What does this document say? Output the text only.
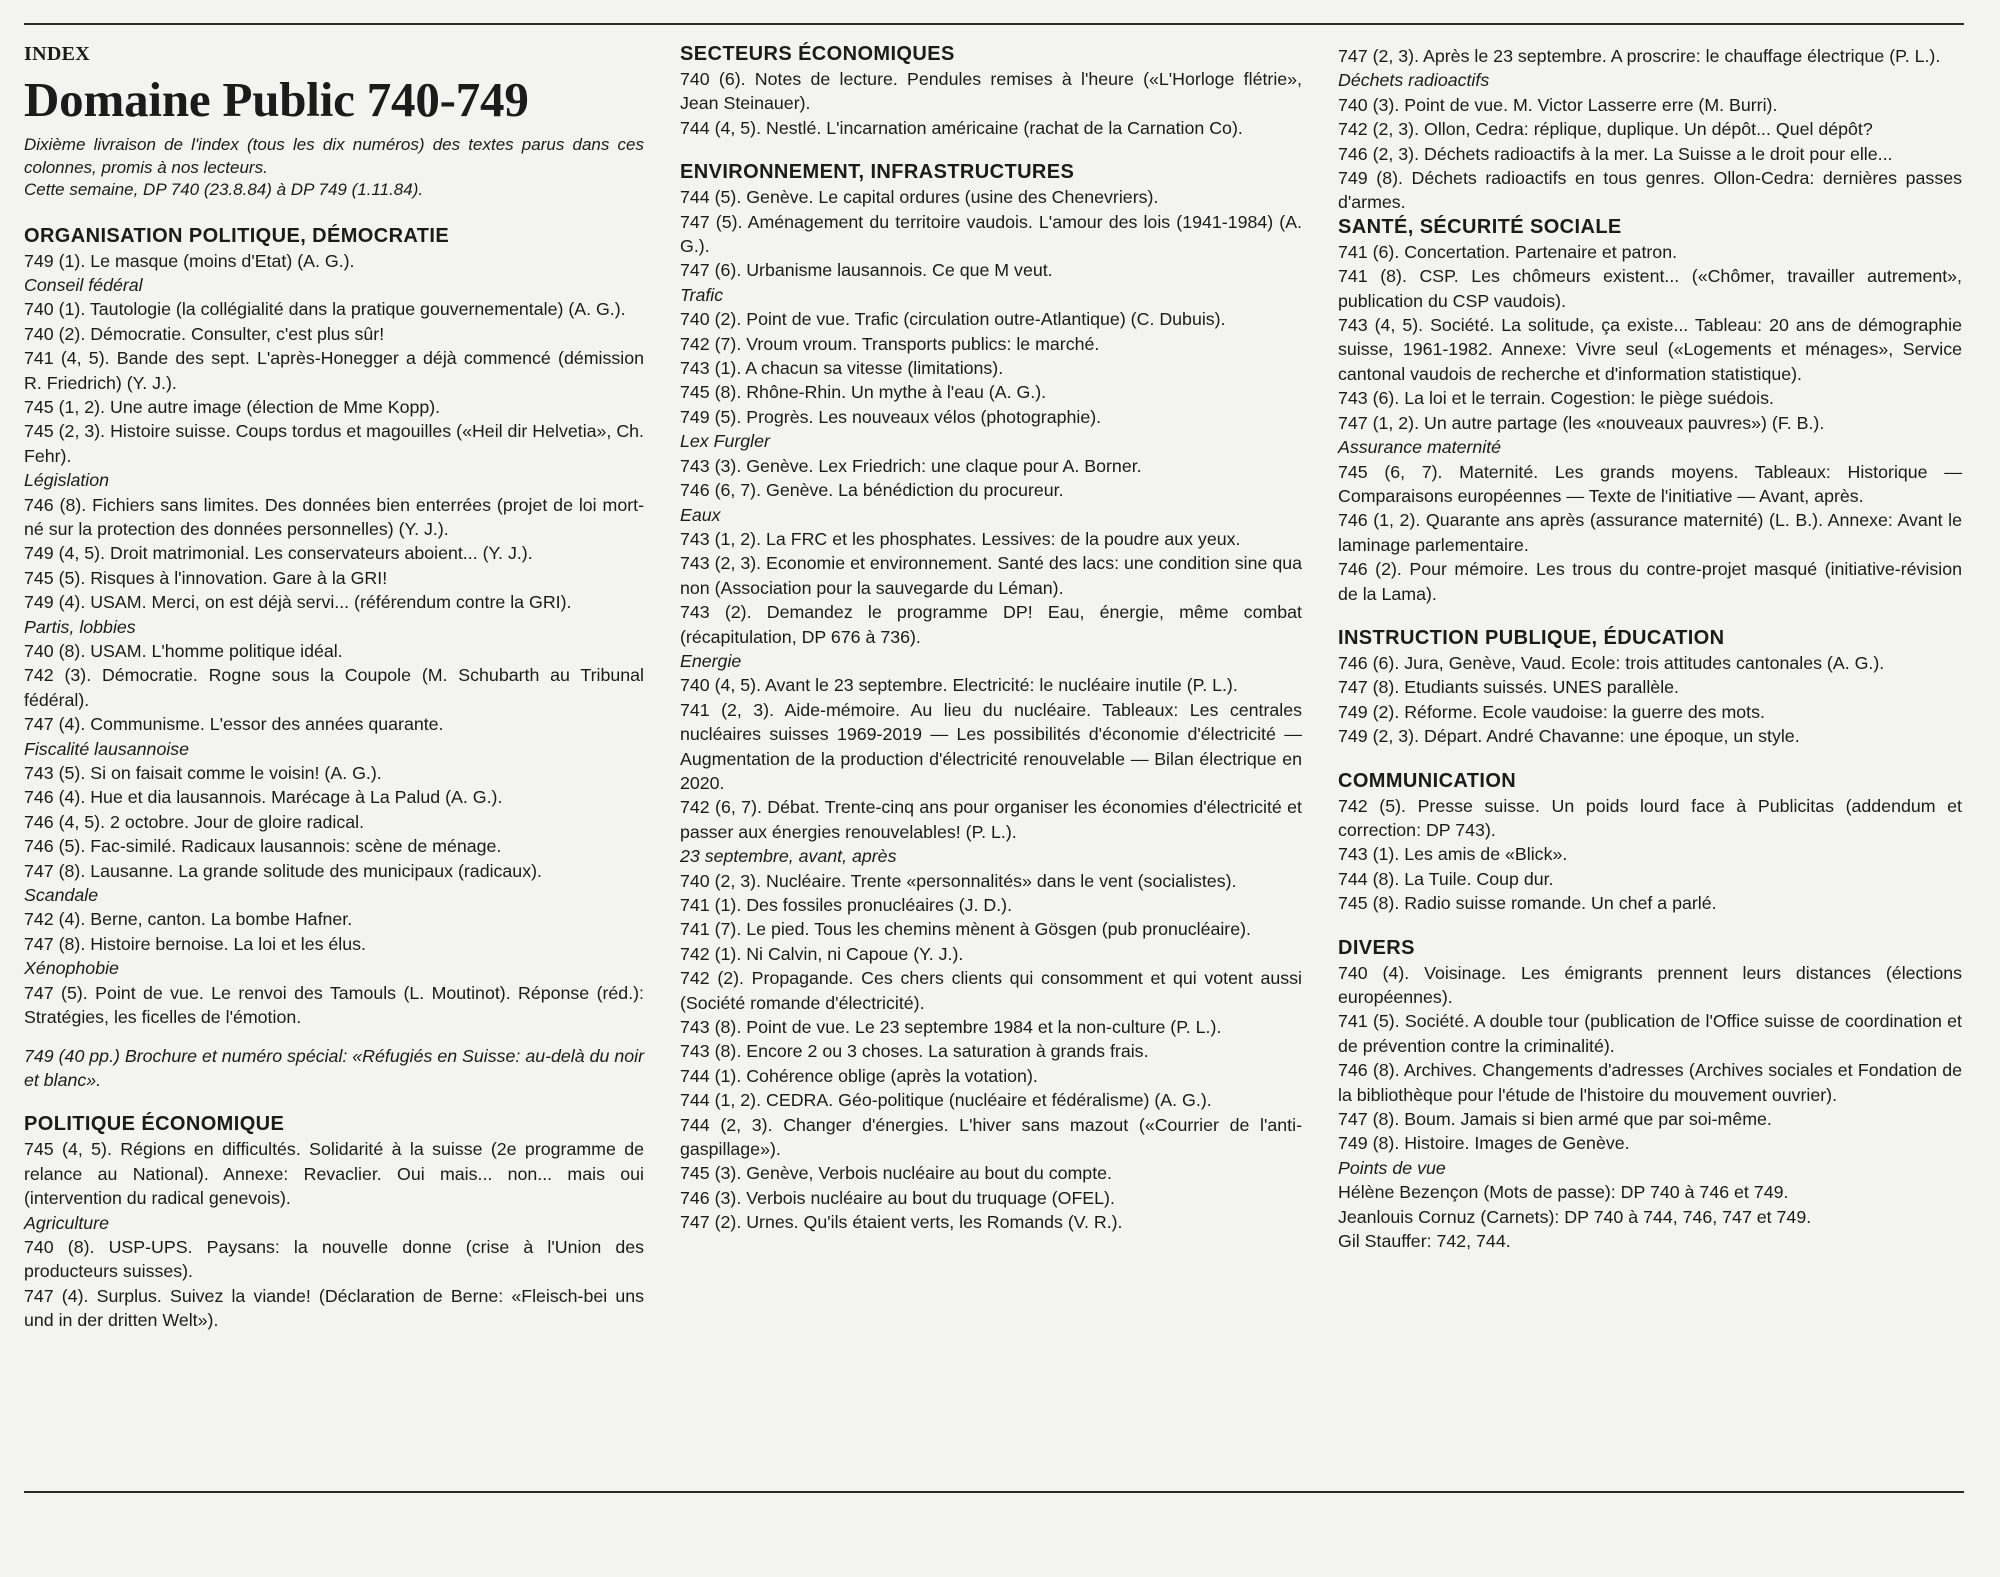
INDEX
Domaine Public 740-749
Dixième livraison de l'index (tous les dix numéros) des textes parus dans ces colonnes, promis à nos lecteurs.
Cette semaine, DP 740 (23.8.84) à DP 749 (1.11.84).
ORGANISATION POLITIQUE, DÉMOCRATIE
749 (1). Le masque (moins d'Etat) (A. G.).
Conseil fédéral
740 (1). Tautologie (la collégialité dans la pratique gouvernementale) (A. G.).
740 (2). Démocratie. Consulter, c'est plus sûr!
741 (4, 5). Bande des sept. L'après-Honegger a déjà commencé (démission R. Friedrich) (Y. J.).
745 (1, 2). Une autre image (élection de Mme Kopp).
745 (2, 3). Histoire suisse. Coups tordus et magouilles («Heil dir Helvetia», Ch. Fehr).
Législation
746 (8). Fichiers sans limites. Des données bien enterrées (projet de loi mort-né sur la protection des données personnelles) (Y. J.).
749 (4, 5). Droit matrimonial. Les conservateurs aboient... (Y. J.).
745 (5). Risques à l'innovation. Gare à la GRI!
749 (4). USAM. Merci, on est déjà servi... (référendum contre la GRI).
Partis, lobbies
740 (8). USAM. L'homme politique idéal.
742 (3). Démocratie. Rogne sous la Coupole (M. Schubarth au Tribunal fédéral).
747 (4). Communisme. L'essor des années quarante.
Fiscalité lausannoise
743 (5). Si on faisait comme le voisin! (A. G.).
746 (4). Hue et dia lausannois. Marécage à La Palud (A. G.).
746 (4, 5). 2 octobre. Jour de gloire radical.
746 (5). Fac-similé. Radicaux lausannois: scène de ménage.
747 (8). Lausanne. La grande solitude des municipaux (radicaux).
Scandale
742 (4). Berne, canton. La bombe Hafner.
747 (8). Histoire bernoise. La loi et les élus.
Xénophobie
747 (5). Point de vue. Le renvoi des Tamouls (L. Moutinot). Réponse (réd.): Stratégies, les ficelles de l'émotion.
749 (40 pp.) Brochure et numéro spécial: «Réfugiés en Suisse: au-delà du noir et blanc».
POLITIQUE ÉCONOMIQUE
745 (4, 5). Régions en difficultés. Solidarité à la suisse (2e programme de relance au National). Annexe: Revaclier. Oui mais... non... mais oui (intervention du radical genevois).
Agriculture
740 (8). USP-UPS. Paysans: la nouvelle donne (crise à l'Union des producteurs suisses).
747 (4). Surplus. Suivez la viande! (Déclaration de Berne: «Fleisch-bei uns und in der dritten Welt»).
SECTEURS ÉCONOMIQUES
740 (6). Notes de lecture. Pendules remises à l'heure («L'Horloge flétrie», Jean Steinauer).
744 (4, 5). Nestlé. L'incarnation américaine (rachat de la Carnation Co).
ENVIRONNEMENT, INFRASTRUCTURES
744 (5). Genève. Le capital ordures (usine des Chenevriers).
747 (5). Aménagement du territoire vaudois. L'amour des lois (1941-1984) (A. G.).
747 (6). Urbanisme lausannois. Ce que M veut.
Trafic
740 (2). Point de vue. Trafic (circulation outre-Atlantique) (C. Dubuis).
742 (7). Vroum vroum. Transports publics: le marché.
743 (1). A chacun sa vitesse (limitations).
745 (8). Rhône-Rhin. Un mythe à l'eau (A. G.).
749 (5). Progrès. Les nouveaux vélos (photographie).
Lex Furgler
743 (3). Genève. Lex Friedrich: une claque pour A. Borner.
746 (6, 7). Genève. La bénédiction du procureur.
Eaux
743 (1, 2). La FRC et les phosphates. Lessives: de la poudre aux yeux.
743 (2, 3). Economie et environnement. Santé des lacs: une condition sine qua non (Association pour la sauvegarde du Léman).
743 (2). Demandez le programme DP! Eau, énergie, même combat (récapitulation, DP 676 à 736).
Energie
740 (4, 5). Avant le 23 septembre. Electricité: le nucléaire inutile (P. L.).
741 (2, 3). Aide-mémoire. Au lieu du nucléaire. Tableaux: Les centrales nucléaires suisses 1969-2019 — Les possibilités d'économie d'électricité — Augmentation de la production d'électricité renouvelable — Bilan électrique en 2020.
742 (6, 7). Débat. Trente-cinq ans pour organiser les économies d'électricité et passer aux énergies renouvelables! (P. L.).
23 septembre, avant, après
740 (2, 3). Nucléaire. Trente «personnalités» dans le vent (socialistes).
741 (1). Des fossiles pronucléaires (J. D.).
741 (7). Le pied. Tous les chemins mènent à Gösgen (pub pronucléaire).
742 (1). Ni Calvin, ni Capoue (Y. J.).
742 (2). Propagande. Ces chers clients qui consomment et qui votent aussi (Société romande d'électricité).
743 (8). Point de vue. Le 23 septembre 1984 et la non-culture (P. L.).
743 (8). Encore 2 ou 3 choses. La saturation à grands frais.
744 (1). Cohérence oblige (après la votation).
744 (1, 2). CEDRA. Géo-politique (nucléaire et fédéralisme) (A. G.).
744 (2, 3). Changer d'énergies. L'hiver sans mazout («Courrier de l'anti-gaspillage»).
745 (3). Genève, Verbois nucléaire au bout du compte.
746 (3). Verbois nucléaire au bout du truquage (OFEL).
747 (2). Urnes. Qu'ils étaient verts, les Romands (V. R.).
747 (2, 3). Après le 23 septembre. A proscrire: le chauffage électrique (P. L.).
Déchets radioactifs
740 (3). Point de vue. M. Victor Lasserre erre (M. Burri).
742 (2, 3). Ollon, Cedra: réplique, duplique. Un dépôt... Quel dépôt?
746 (2, 3). Déchets radioactifs à la mer. La Suisse a le droit pour elle...
749 (8). Déchets radioactifs en tous genres. Ollon-Cedra: dernières passes d'armes.
SANTÉ, SÉCURITÉ SOCIALE
741 (6). Concertation. Partenaire et patron.
741 (8). CSP. Les chômeurs existent... («Chômer, travailler autrement», publication du CSP vaudois).
743 (4, 5). Société. La solitude, ça existe... Tableau: 20 ans de démographie suisse, 1961-1982. Annexe: Vivre seul («Logements et ménages», Service cantonal vaudois de recherche et d'information statistique).
743 (6). La loi et le terrain. Cogestion: le piège suédois.
747 (1, 2). Un autre partage (les «nouveaux pauvres») (F. B.).
Assurance maternité
745 (6, 7). Maternité. Les grands moyens. Tableaux: Historique — Comparaisons européennes — Texte de l'initiative — Avant, après.
746 (1, 2). Quarante ans après (assurance maternité) (L. B.). Annexe: Avant le laminage parlementaire.
746 (2). Pour mémoire. Les trous du contre-projet masqué (initiative-révision de la Lama).
INSTRUCTION PUBLIQUE, ÉDUCATION
746 (6). Jura, Genève, Vaud. Ecole: trois attitudes cantonales (A. G.).
747 (8). Etudiants suissés. UNES parallèle.
749 (2). Réforme. Ecole vaudoise: la guerre des mots.
749 (2, 3). Départ. André Chavanne: une époque, un style.
COMMUNICATION
742 (5). Presse suisse. Un poids lourd face à Publicitas (addendum et correction: DP 743).
743 (1). Les amis de «Blick».
744 (8). La Tuile. Coup dur.
745 (8). Radio suisse romande. Un chef a parlé.
DIVERS
740 (4). Voisinage. Les émigrants prennent leurs distances (élections européennes).
741 (5). Société. A double tour (publication de l'Office suisse de coordination et de prévention contre la criminalité).
746 (8). Archives. Changements d'adresses (Archives sociales et Fondation de la bibliothèque pour l'étude de l'histoire du mouvement ouvrier).
747 (8). Boum. Jamais si bien armé que par soi-même.
749 (8). Histoire. Images de Genève.
Points de vue
Hélène Bezençon (Mots de passe): DP 740 à 746 et 749.
Jeanlouis Cornuz (Carnets): DP 740 à 744, 746, 747 et 749.
Gil Stauffer: 742, 744.
